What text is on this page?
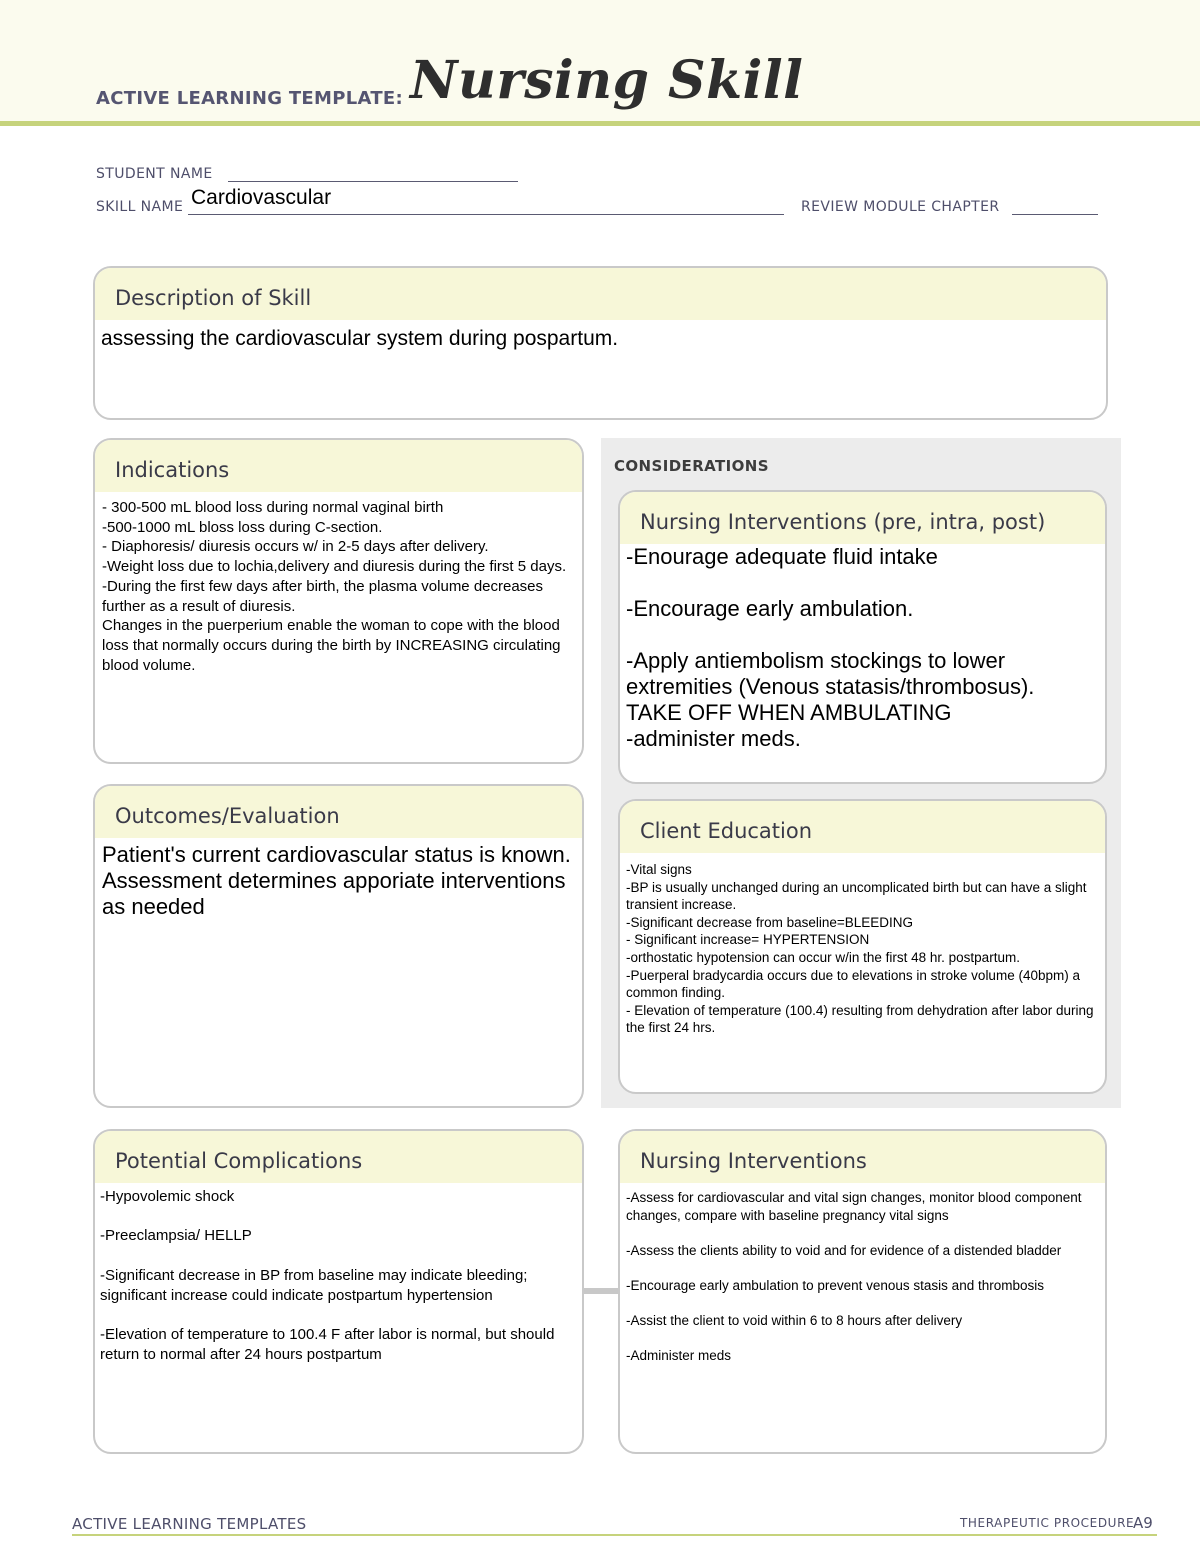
ACTIVE LEARNING TEMPLATE: Nursing Skill
STUDENT NAME
SKILL NAME Cardiovascular	REVIEW MODULE CHAPTER
Description of Skill
assessing the cardiovascular system during pospartum.
Indications
- 300-500 mL blood loss during normal vaginal birth
-500-1000 mL bloss loss during C-section.
- Diaphoresis/ diuresis occurs w/ in 2-5 days after delivery.
-Weight loss due to lochia,delivery and diuresis during the first 5 days.
-During the first few days after birth, the plasma volume decreases further as a result of diuresis.
Changes in the puerperium enable the woman to cope with the blood loss that normally occurs during the birth by INCREASING circulating blood volume.
CONSIDERATIONS
Nursing Interventions (pre, intra, post)
-Enourage adequate fluid intake

-Encourage early ambulation.

-Apply antiembolism stockings to lower extremities (Venous statasis/thrombosus).
TAKE OFF WHEN AMBULATING
-administer meds.
Outcomes/Evaluation
Patient's current cardiovascular status is known. Assessment determines apporiate interventions as needed
Client Education
-Vital signs
-BP is usually unchanged during an uncomplicated birth but can have a slight transient increase.
-Significant decrease from baseline=BLEEDING
- Significant increase= HYPERTENSION
-orthostatic hypotension can occur w/in the first 48 hr. postpartum.
-Puerperal bradycardia occurs due to elevations in stroke volume (40bpm) a common finding.
- Elevation of temperature (100.4) resulting from dehydration after labor during the first 24 hrs.
Potential Complications
-Hypovolemic shock

-Preeclampsia/ HELLP

-Significant decrease in BP from baseline may indicate bleeding; significant increase could indicate postpartum hypertension

-Elevation of temperature to 100.4 F after labor is normal, but should return to normal after 24 hours postpartum
Nursing Interventions
-Assess for cardiovascular and vital sign changes, monitor blood component changes, compare with baseline pregnancy vital signs

-Assess the clients ability to void and for evidence of a distended bladder

-Encourage early ambulation to prevent venous stasis and thrombosis

-Assist the client to void within 6 to 8 hours after delivery

-Administer meds
ACTIVE LEARNING TEMPLATES	THERAPEUTIC PROCEDURE
A9
